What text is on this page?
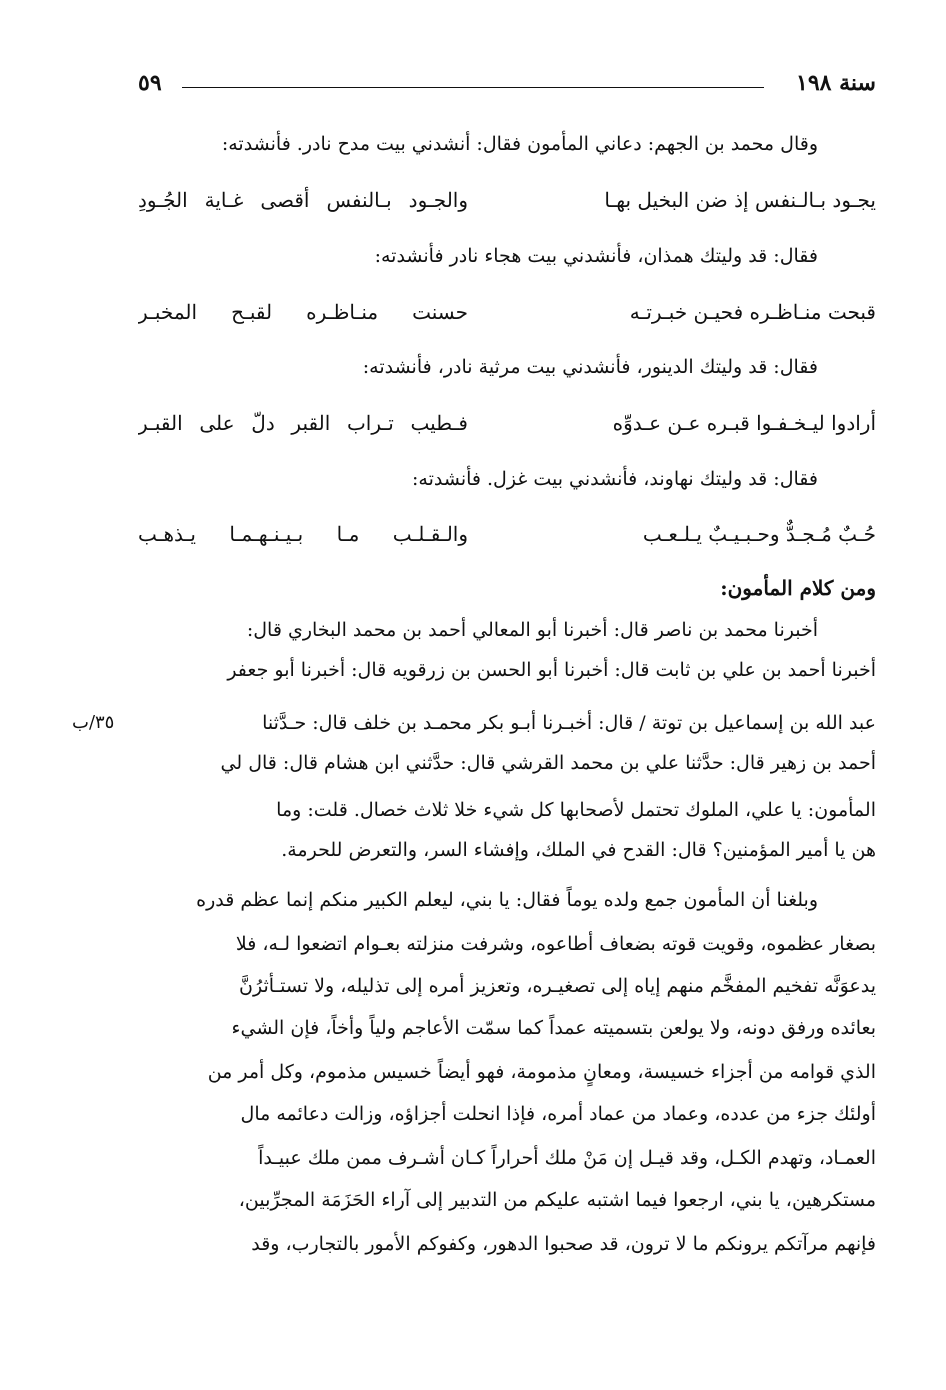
سنة ١٩٨
٥٩
وقال محمد بن الجهم: دعاني المأمون فقال: أنشدني بيت مدح نادر. فأنشدته:
يجـود بـالـنفس إذ ضن البخيل بهـا
والجـود بـالنفس أقصى غـاية الجُـودِ
فقال: قد وليتك همذان، فأنشدني بيت هجاء نادر فأنشدته:
قبحت منـاظـره فحيـن خبـرتـه
حسنت منـاظـره لقبـح المخبـر
فقال: قد وليتك الدينور، فأنشدني بيت مرثية نادر، فأنشدته:
أرادوا ليـخـفـوا قبـره عـن عـدوِّه
فـطيب تـراب القبر دلّ على القبـر
فقال: قد وليتك نهاوند، فأنشدني بيت غزل. فأنشدته:
حُـبٌ مُـجـدٌّ وحـبـيـبٌ يـلـعـب
والـقـلـب مـا بـيـنـهـمـا يـذهـب
ومن كلام المأمون:
أخبرنا محمد بن ناصر قال: أخبرنا أبو المعالي أحمد بن محمد البخاري قال:
أخبرنا أحمد بن علي بن ثابت قال: أخبرنا أبو الحسن بن زرقويه قال: أخبرنا أبو جعفر
عبد الله بن إسماعيل بن توتة / قال: أخبـرنا أبـو بكر محمـد بن خلف قال: حـدَّثنا
أحمد بن زهير قال: حدَّثنا علي بن محمد القرشي قال: حدَّثني ابن هشام قال: قال لي
المأمون: يا علي، الملوك تحتمل لأصحابها كل شيء خلا ثلاث خصال. قلت: وما
هن يا أمير المؤمنين؟ قال: القدح في الملك، وإفشاء السر، والتعرض للحرمة.
٣٥/ب
وبلغنا أن المأمون جمع ولده يوماً فقال: يا بني، ليعلم الكبير منكم إنما عظم قدره
بصغار عظموه، وقويت قوته بضعاف أطاعوه، وشرفت منزلته بعـوام اتضعوا لـه، فلا
يدعوَنَّه تفخيم المفخَّم منهم إياه إلى تصغيـره، وتعزيز أمره إلى تذليله، ولا تستـأثرُنَّ
بعائده ورفق دونه، ولا يولعن بتسميته عمداً كما سمّت الأعاجم ولياً وأخاً، فإن الشيء
الذي قوامه من أجزاء خسيسة، ومعانٍ مذمومة، فهو أيضاً خسيس مذموم، وكل أمر من
أولئك جزء من عدده، وعماد من عماد أمره، فإذا انحلت أجزاؤه، وزالت دعائمه مال
العمـاد، وتهدم الكـل، وقد قيـل إن مَنْ ملك أحراراً كـان أشـرف ممن ملك عبيـداً
مستكرهين، يا بني، ارجعوا فيما اشتبه عليكم من التدبير إلى آراء الحَزَمَة المجرِّبين،
فإنهم مرآتكم يرونكم ما لا ترون، قد صحبوا الدهور، وكفوكم الأمور بالتجارب، وقد
